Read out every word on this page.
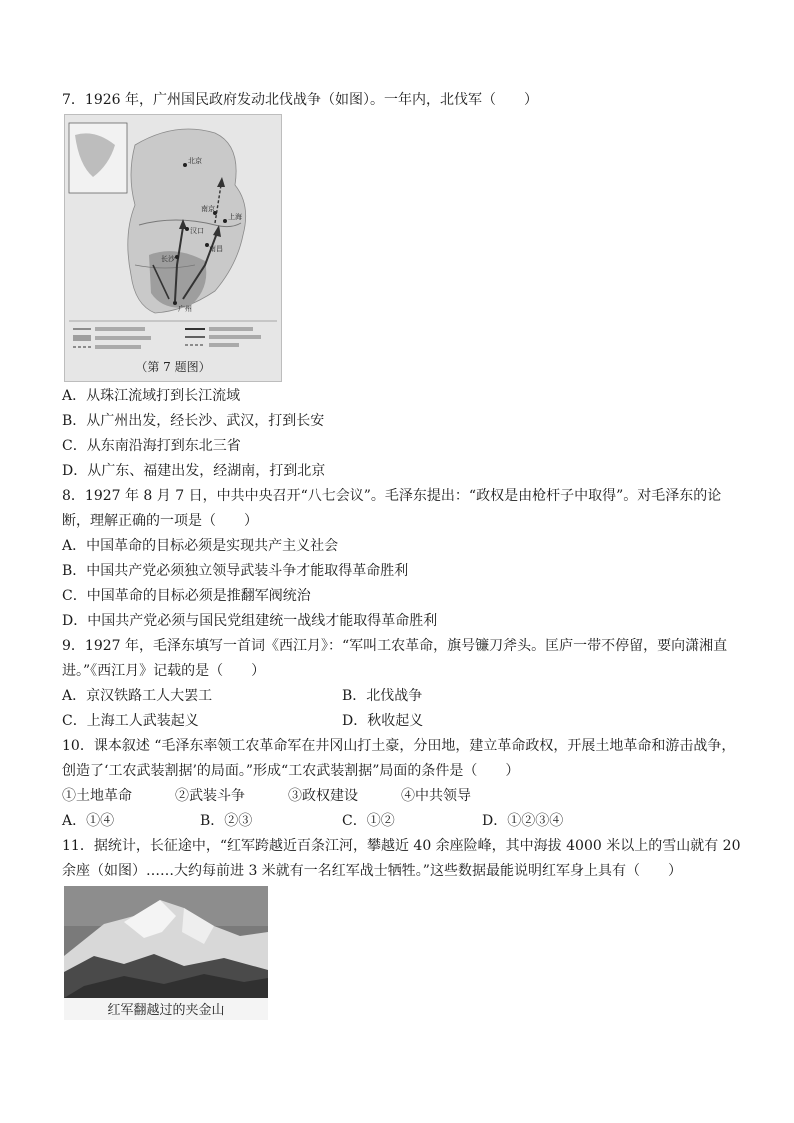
7．1926 年，广州国民政府发动北伐战争（如图）。一年内，北伐军（　　）
北京
上海
汉口
长沙
广州
南昌
南京
（第 7 题图）
A．从珠江流域打到长江流域
B．从广州出发，经长沙、武汉，打到长安
C．从东南沿海打到东北三省
D．从广东、福建出发，经湖南，打到北京
8．1927 年 8 月 7 日，中共中央召开“八七会议”。毛泽东提出：“政权是由枪杆子中取得”。对毛泽东的论
断，理解正确的一项是（　　）
A．中国革命的目标必须是实现共产主义社会
B．中国共产党必须独立领导武装斗争才能取得革命胜利
C．中国革命的目标必须是推翻军阀统治
D．中国共产党必须与国民党组建统一战线才能取得革命胜利
9．1927 年，毛泽东填写一首词《西江月》：“军叫工农革命，旗号镰刀斧头。匡庐一带不停留，要向潇湘直
进。”《西江月》记载的是（　　）
A．京汉铁路工人大罢工	B．北伐战争
C．上海工人武装起义	D．秋收起义
10．课本叙述 “毛泽东率领工农革命军在井冈山打土豪，分田地，建立革命政权，开展土地革命和游击战争，
创造了‘工农武装割据’的局面。”形成“工农武装割据”局面的条件是（　　）
①土地革命	②武装斗争	③政权建设	④中共领导
A．①④	B．②③	C．①②	D．①②③④
11．据统计，长征途中，“红军跨越近百条江河，攀越近 40 余座险峰，其中海拔 4000 米以上的雪山就有 20
余座（如图）……大约每前进 3 米就有一名红军战士牺牲。”这些数据最能说明红军身上具有（　　）
红军翻越过的夹金山
